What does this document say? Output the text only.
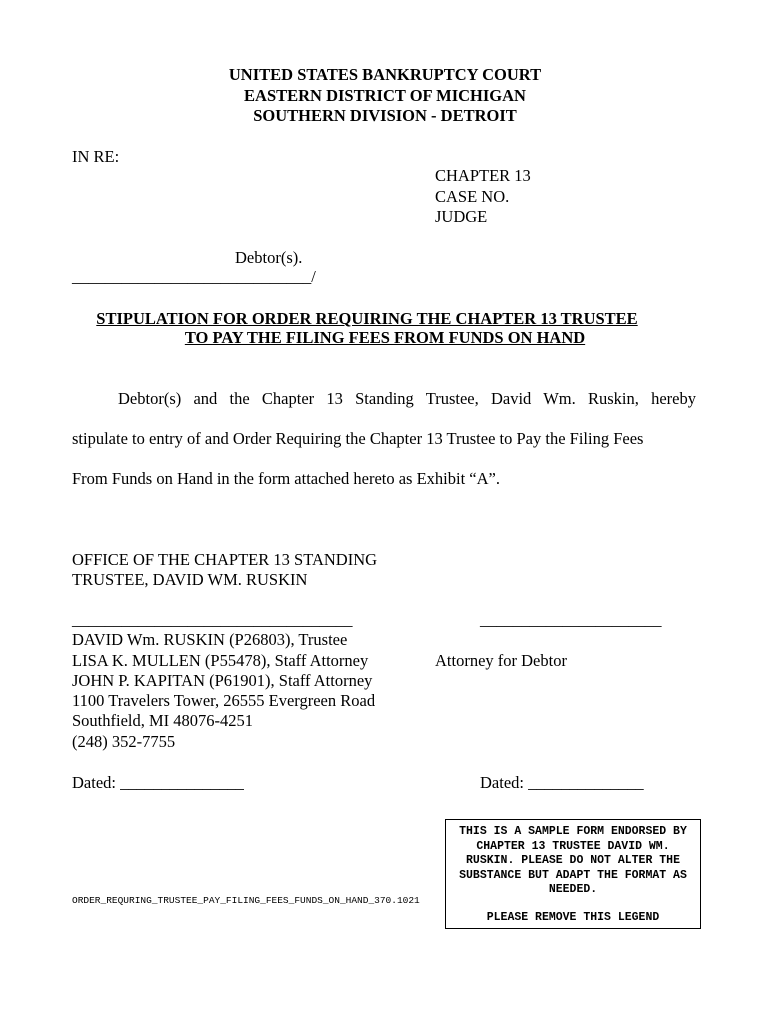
UNITED STATES BANKRUPTCY COURT
EASTERN DISTRICT OF MICHIGAN
SOUTHERN DIVISION - DETROIT
IN RE:
CHAPTER 13
CASE NO.
JUDGE
Debtor(s).
_____________________________/
STIPULATION FOR ORDER REQUIRING THE CHAPTER 13 TRUSTEE
TO PAY THE FILING FEES FROM FUNDS ON HAND
Debtor(s) and the Chapter 13 Standing Trustee, David Wm. Ruskin, hereby
stipulate to entry of and Order Requiring the Chapter 13 Trustee to Pay the Filing Fees
From Funds on Hand in the form attached hereto as Exhibit “A”.
OFFICE OF THE CHAPTER 13 STANDING
TRUSTEE, DAVID WM. RUSKIN
__________________________________	______________________
DAVID Wm. RUSKIN (P26803), Trustee
LISA K. MULLEN (P55478), Staff Attorney
JOHN P. KAPITAN (P61901), Staff Attorney
1100 Travelers Tower, 26555 Evergreen Road
Southfield, MI 48076-4251
(248) 352-7755
Attorney for Debtor
Dated: _______________	Dated: ______________
ORDER_REQURING_TRUSTEE_PAY_FILING_FEES_FUNDS_ON_HAND_370.1021
THIS IS A SAMPLE FORM ENDORSED BY CHAPTER 13 TRUSTEE DAVID WM. RUSKIN. PLEASE DO NOT ALTER THE SUBSTANCE BUT ADAPT THE FORMAT AS NEEDED.
PLEASE REMOVE THIS LEGEND
